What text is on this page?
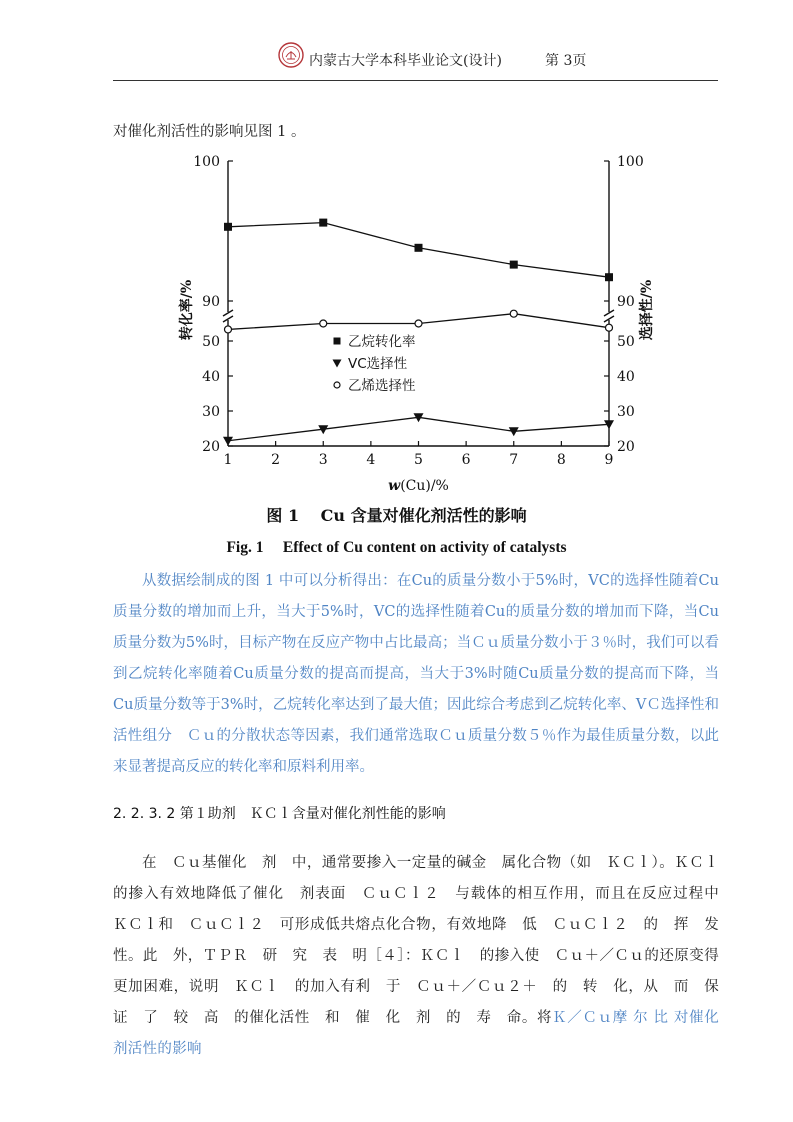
内蒙古大学本科毕业论文(设计)	第 3页
对催化剂活性的影响见图 1 。
1	2	3	4	5	6	7	8	9
20	20
30	30
40	40
50	50
90	90
100	100
w(Cu)/%
转化率/%	选择性/%
乙烷转化率
VC选择性
乙烯选择性
图 1　 Cu 含量对催化剂活性的影响
Fig. 1　 Effect of Cu content on activity of catalysts
从数据绘制成的图 1 中可以分析得出：在Cu的质量分数小于5%时，VC的选择性随着Cu质量分数的增加而上升，当大于5%时，VC的选择性随着Cu的质量分数的增加而下降，当Cu质量分数为5%时，目标产物在反应产物中占比最高；当Ｃｕ质量分数小于３％时，我们可以看到乙烷转化率随着Cu质量分数的提高而提高，当大于3%时随Cu质量分数的提高而下降，当Cu质量分数等于3%时，乙烷转化率达到了最大值；因此综合考虑到乙烷转化率、VＣ选择性和活性组分　Ｃｕ的分散状态等因素，我们通常选取Ｃｕ质量分数５％作为最佳质量分数，以此来显著提高反应的转化率和原料利用率。
2. 2. 3. 2 第１助剂　ＫＣｌ含量对催化剂性能的影响
在　Ｃｕ基催化　剂　中，通常要掺入一定量的碱金　属化合物（如　ＫＣｌ）。ＫＣｌ的掺入有效地降低了催化　剂表面　ＣｕＣｌ２　与载体的相互作用，而且在反应过程中　ＫＣｌ和　ＣｕＣｌ２　可形成低共熔点化合物，有效地降　低　ＣｕＣｌ２　的　挥　发　性。此　外，ＴＰＲ　研　究　表　明［４］：ＫＣｌ　的掺入使　Ｃｕ＋／Ｃｕ的还原变得更加困难，说明　ＫＣｌ　的加入有利　于　Ｃｕ＋／Ｃｕ２＋　的　转　化，从　而　保　证　了　较　高　的催化活性　和　催　化　剂　的　寿　命。将Ｋ／Ｃｕ摩 尔 比 对催化剂活性的影响
